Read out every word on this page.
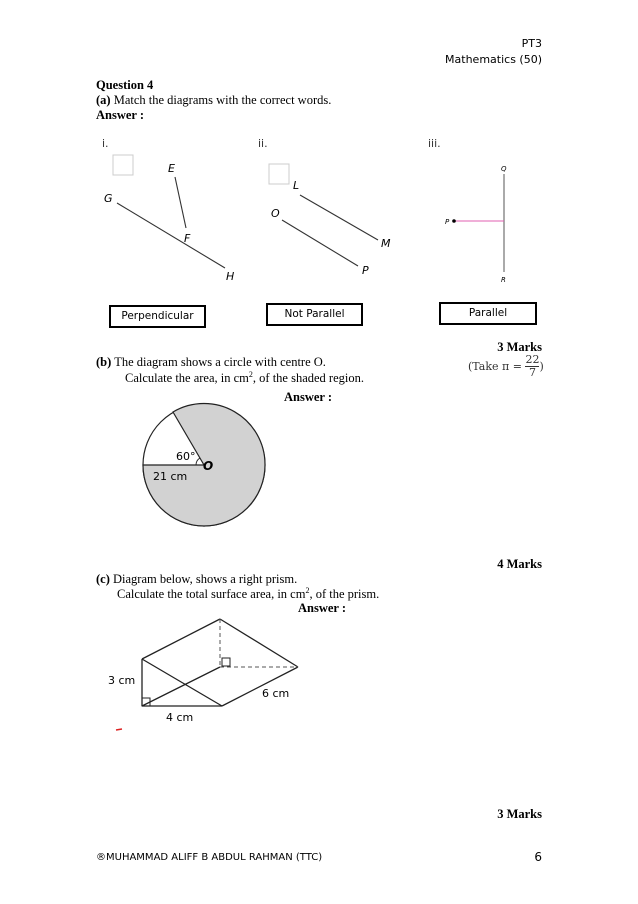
PT3
Mathematics (50)
Question 4
(a) Match the diagrams with the correct words.
Answer :
i.	ii.	iii.
E
G
F
H
L
O
M
P
Q
P
R
Perpendicular	Not Parallel	Parallel
3 Marks
(b) The diagram shows a circle with centre O.
Calculate the area, in $cm^2$, of the shaded region.
(Take $\pi = \frac{22}{7}$ )
Answer :
60°
O
21 cm
4 Marks
(c) Diagram below, shows a right prism.
Calculate the total surface area, in $cm^2$, of the prism.
Answer :
3 cm
4 cm
6 cm
3 Marks
®MUHAMMAD ALIFF B ABDUL RAHMAN (TTC)	6
